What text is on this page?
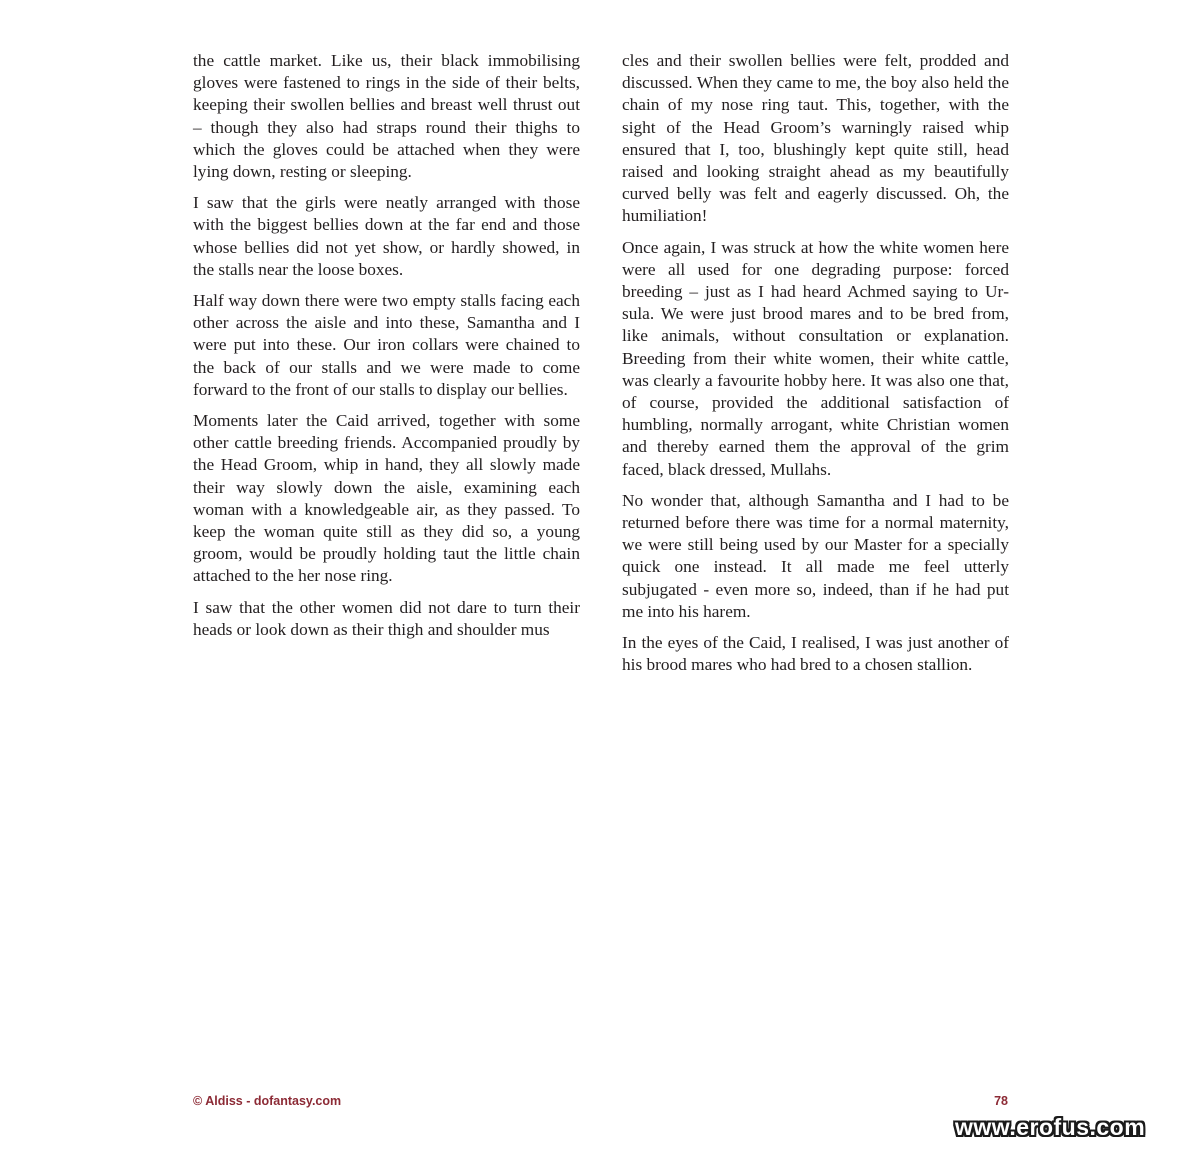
the cattle market. Like us, their black immobilising gloves were fastened to rings in the side of their belts, keeping their swollen bellies and breast well thrust out – though they also had straps round their thighs to which the gloves could be attached when they were lying down, resting or sleeping.

I saw that the girls were neatly arranged with those with the biggest bellies down at the far end and those whose bellies did not yet show, or hardly showed, in the stalls near the loose boxes.

Half way down there were two empty stalls facing each other across the aisle and into these, Samantha and I were put into these. Our iron collars were chained to the back of our stalls and we were made to come forward to the front of our stalls to display our bellies.

Moments later the Caid arrived, together with some other cattle breeding friends. Accompanied proudly by the Head Groom, whip in hand, they all slowly made their way slowly down the aisle, examining each woman with a knowledgeable air, as they passed. To keep the woman quite still as they did so, a young groom, would be proudly holding taut the little chain attached to the her nose ring.

I saw that the other women did not dare to turn their heads or look down as their thigh and shoulder mus

cles and their swollen bellies were felt, prodded and discussed. When they came to me, the boy also held the chain of my nose ring taut. This, together, with the sight of the Head Groom’s warningly raised whip ensured that I, too, blushingly kept quite still, head raised and looking straight ahead as my beautifully curved belly was felt and eagerly discussed. Oh, the humiliation!

Once again, I was struck at how the white women here were all used for one degrading purpose: forced breeding – just as I had heard Achmed saying to Ursula. We were just brood mares and to be bred from, like animals, without consultation or explanation. Breeding from their white women, their white cattle, was clearly a favourite hobby here. It was also one that, of course, provided the additional satisfaction of humbling, normally arrogant, white Christian women and thereby earned them the approval of the grim faced, black dressed, Mullahs.

No wonder that, although Samantha and I had to be returned before there was time for a normal maternity, we were still being used by our Master for a specially quick one instead. It all made me feel utterly subjugated - even more so, indeed, than if he had put me into his harem.

In the eyes of the Caid, I realised, I was just another of his brood mares who had bred to a chosen stallion.

© Aldiss - dofantasy.com	78
www.erofus.com
